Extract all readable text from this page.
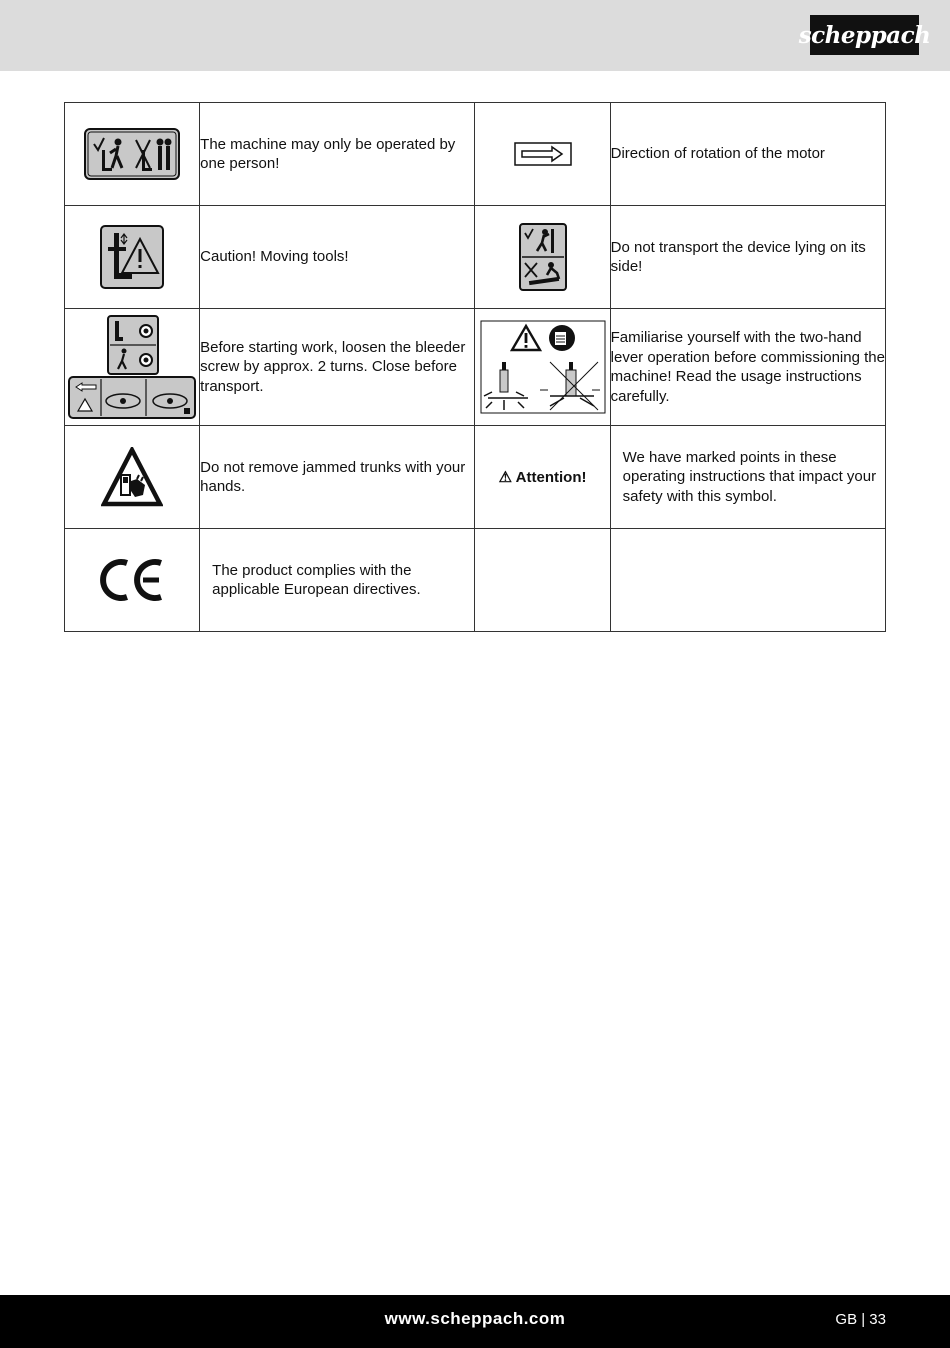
scheppach
	The machine may only be operated by one person!		Direction of rotation of the motor

	Caution! Moving tools!		Do not transport the device lying on its side!

	Before starting work, loosen the bleeder screw by approx. 2 turns. Close before transport.		Familiarise yourself with the two-hand lever operation before commissioning the machine! Read the usage instructions carefully.

	Do not remove jammed trunks with your hands.	⚠ Attention!	We have marked points in these operating instructions that impact your safety with this symbol.

	The product complies with the applicable European directives.		
www.scheppach.com	GB | 33
